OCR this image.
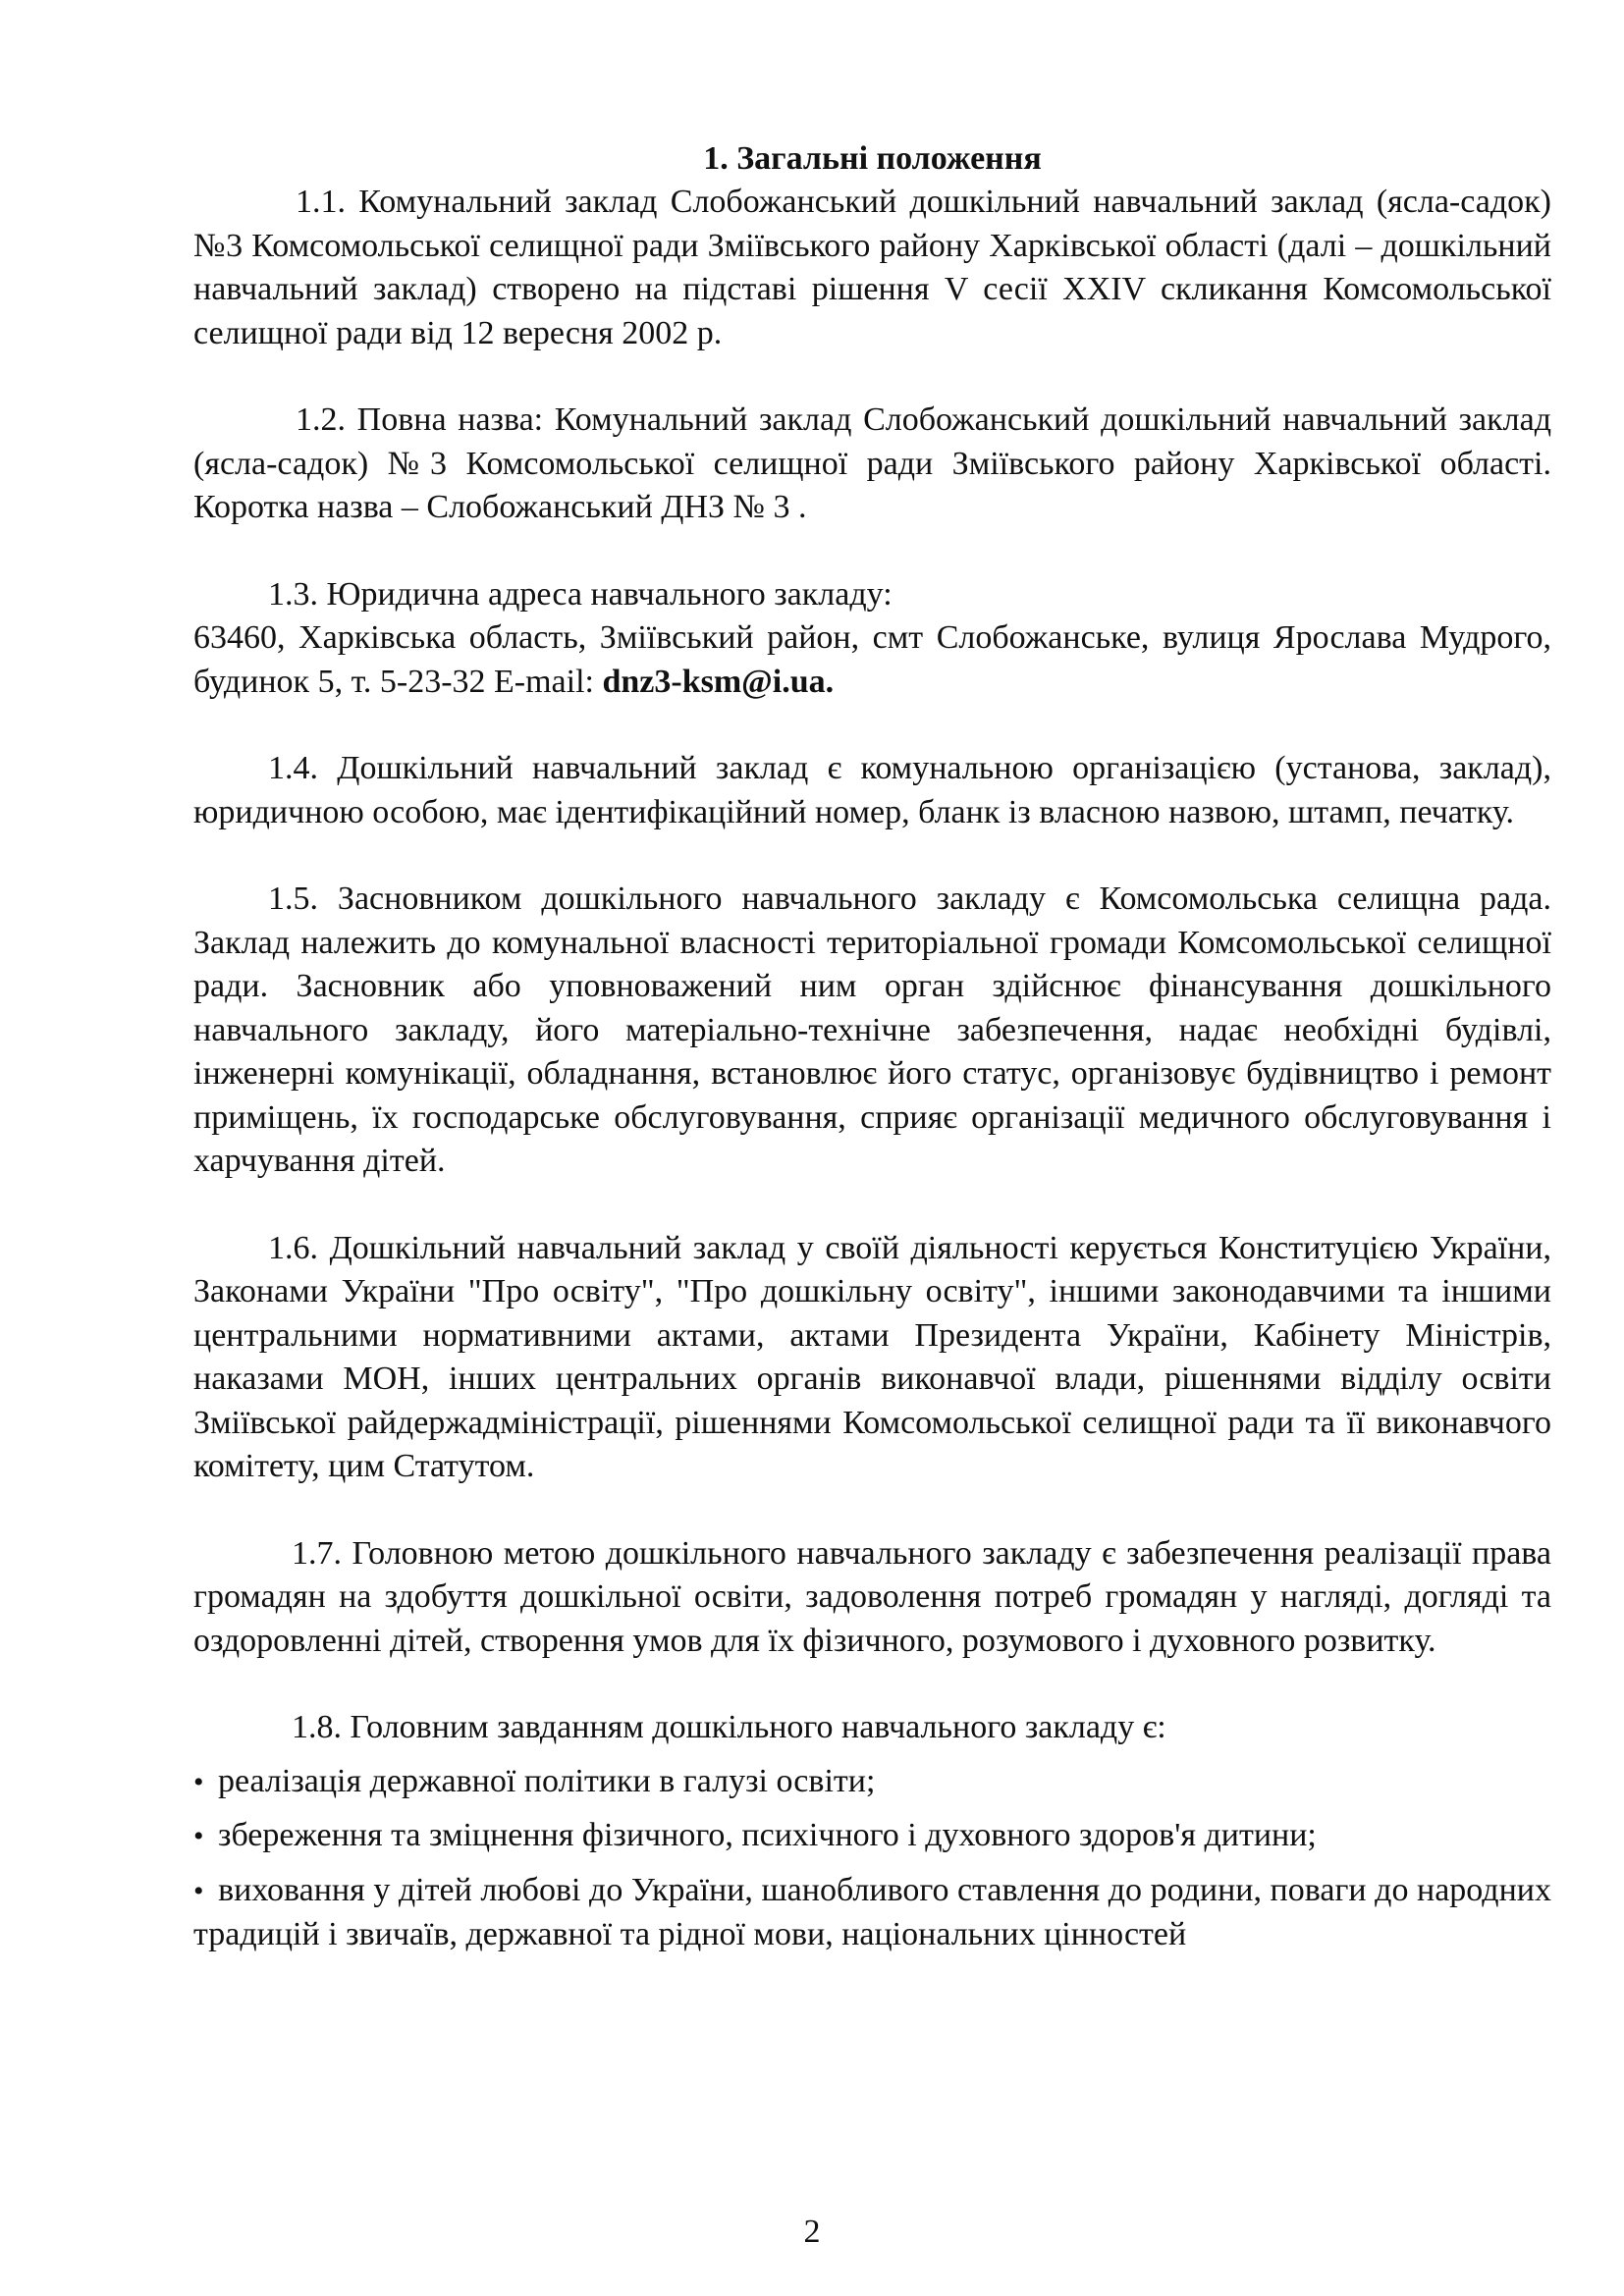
1. Загальні положення

1.1. Комунальний заклад Слобожанський дошкільний навчальний заклад (ясла-садок) №3 Комсомольської селищної ради Зміївського району Харківської області (далі – дошкільний навчальний заклад) створено на підставі рішення V сесії XXIV скликання Комсомольської селищної ради від 12 вересня 2002 р.

1.2. Повна назва: Комунальний заклад Слобожанський дошкільний навчальний заклад (ясла-садок) №3 Комсомольської селищної ради Зміївського району Харківської області. Коротка назва – Слобожанський ДНЗ № 3 .

1.3. Юридична адреса навчального закладу:
63460, Харківська область, Зміївський район, смт Слобожанське, вулиця Ярослава Мудрого, будинок 5, т. 5-23-32 E-mail: dnz3-ksm@i.ua.

1.4. Дошкільний навчальний заклад є комунальною організацією (установа, заклад), юридичною особою, має ідентифікаційний номер, бланк із власною назвою, штамп, печатку.

1.5. Засновником дошкільного навчального закладу є Комсомольська селищна рада. Заклад належить до комунальної власності територіальної громади Комсомольської селищної ради. Засновник або уповноважений ним орган здійснює фінансування дошкільного навчального закладу, його матеріально-технічне забезпечення, надає необхідні будівлі, інженерні комунікації, обладнання, встановлює його статус, організовує будівництво і ремонт приміщень, їх господарське обслуговування, сприяє організації медичного обслуговування і харчування дітей.

1.6. Дошкільний навчальний заклад у своїй діяльності керується Конституцією України, Законами України "Про освіту", "Про дошкільну освіту", іншими законодавчими та іншими центральними нормативними актами, актами Президента України, Кабінету Міністрів, наказами МОН, інших центральних органів виконавчої влади, рішеннями відділу освіти Зміївської райдержадміністрації, рішеннями Комсомольської селищної ради та її виконавчого комітету, цим Статутом.

1.7. Головною метою дошкільного навчального закладу є забезпечення реалізації права громадян на здобуття дошкільної освіти, задоволення потреб громадян у нагляді, догляді та оздоровленні дітей, створення умов для їх фізичного, розумового і духовного розвитку.

1.8. Головним завданням дошкільного навчального закладу є:

• реалізація державної політики в галузі освіти;
• збереження та зміцнення фізичного, психічного і духовного здоров'я дитини;
• виховання у дітей любові до України, шанобливого ставлення до родини, поваги до народних традицій і звичаїв, державної та рідної мови, національних цінностей
2
